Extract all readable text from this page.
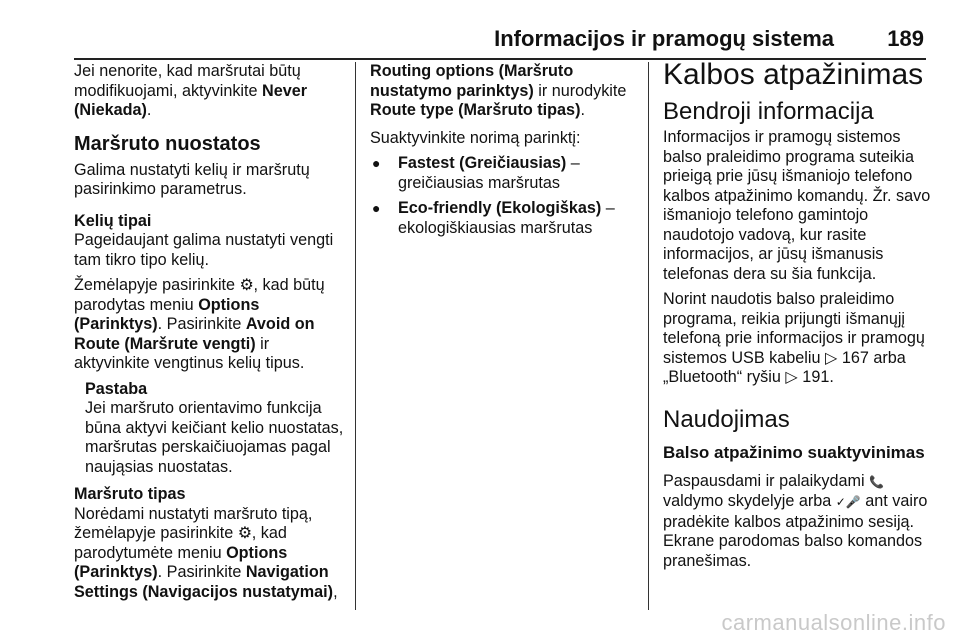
Informacijos ir pramogų sistema 189

Jei nenorite, kad maršrutai būtų modifikuojami, aktyvinkite Never (Niekada).

Maršruto nuostatos

Galima nustatyti kelių ir maršrutų pasirinkimo parametrus.

Kelių tipai

Pageidaujant galima nustatyti vengti tam tikro tipo kelių.

Žemėlapyje pasirinkite ⚙, kad būtų parodytas meniu Options (Parinktys). Pasirinkite Avoid on Route (Maršrute vengti) ir aktyvinkite vengtinus kelių tipus.

Pastaba

Jei maršruto orientavimo funkcija būna aktyvi keičiant kelio nuostatas, maršrutas perskaičiuojamas pagal naująsias nuostatas.

Maršruto tipas

Norėdami nustatyti maršruto tipą, žemėlapyje pasirinkite ⚙, kad parodytumėte meniu Options (Parinktys). Pasirinkite Navigation Settings (Navigacijos nustatymai),

Routing options (Maršruto nustatymo parinktys) ir nurodykite Route type (Maršruto tipas).

Suaktyvinkite norimą parinktį:

● Fastest (Greičiausias) – greičiausias maršrutas
● Eco-friendly (Ekologiškas) – ekologiškiausias maršrutas

Kalbos atpažinimas

Bendroji informacija

Informacijos ir pramogų sistemos balso praleidimo programa suteikia prieigą prie jūsų išmaniojo telefono kalbos atpažinimo komandų. Žr. savo išmaniojo telefono gamintojo naudotojo vadovą, kur rasite informacijos, ar jūsų išmanusis telefonas dera su šia funkcija.

Norint naudotis balso praleidimo programa, reikia prijungti išmanųjį telefoną prie informacijos ir pramogų sistemos USB kabeliu ▷ 167 arba „Bluetooth“ ryšiu ▷ 191.

Naudojimas

Balso atpažinimo suaktyvinimas

Paspausdami ir palaikydami 📞 valdymo skydelyje arba ✓🎤 ant vairo pradėkite kalbos atpažinimo sesiją. Ekrane parodomas balso komandos pranešimas.

carmanualsonline.info
